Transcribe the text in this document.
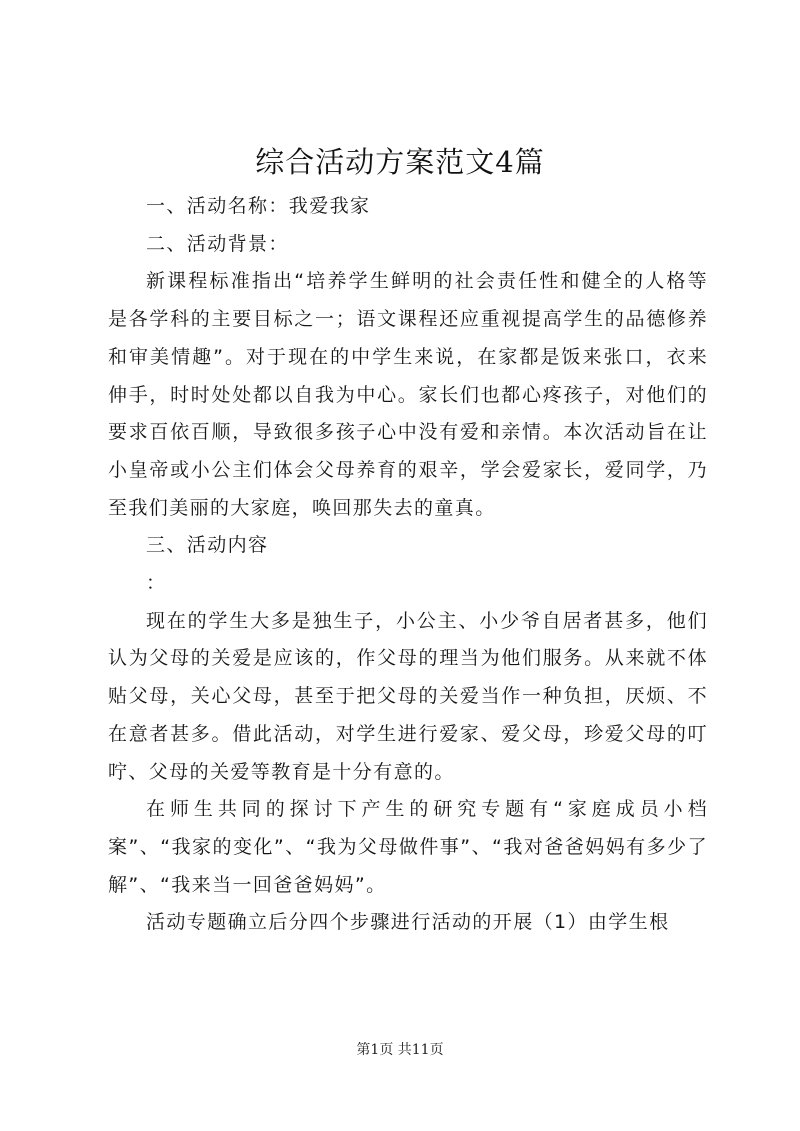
综合活动方案范文4篇

一、活动名称：我爱我家

二、活动背景：

新课程标准指出“培养学生鲜明的社会责任性和健全的人格等是各学科的主要目标之一；语文课程还应重视提高学生的品德修养和审美情趣”。对于现在的中学生来说，在家都是饭来张口，衣来伸手，时时处处都以自我为中心。家长们也都心疼孩子，对他们的要求百依百顺，导致很多孩子心中没有爱和亲情。本次活动旨在让小皇帝或小公主们体会父母养育的艰辛，学会爱家长，爱同学，乃至我们美丽的大家庭，唤回那失去的童真。

三、活动内容

：

现在的学生大多是独生子，小公主、小少爷自居者甚多，他们认为父母的关爱是应该的，作父母的理当为他们服务。从来就不体贴父母，关心父母，甚至于把父母的关爱当作一种负担，厌烦、不在意者甚多。借此活动，对学生进行爱家、爱父母，珍爱父母的叮咛、父母的关爱等教育是十分有意的。

在师生共同的探讨下产生的研究专题有“家庭成员小档案”、“我家的变化”、“我为父母做件事”、“我对爸爸妈妈有多少了解”、“我来当一回爸爸妈妈”。

活动专题确立后分四个步骤进行活动的开展（1）由学生根

第1页 共11页
